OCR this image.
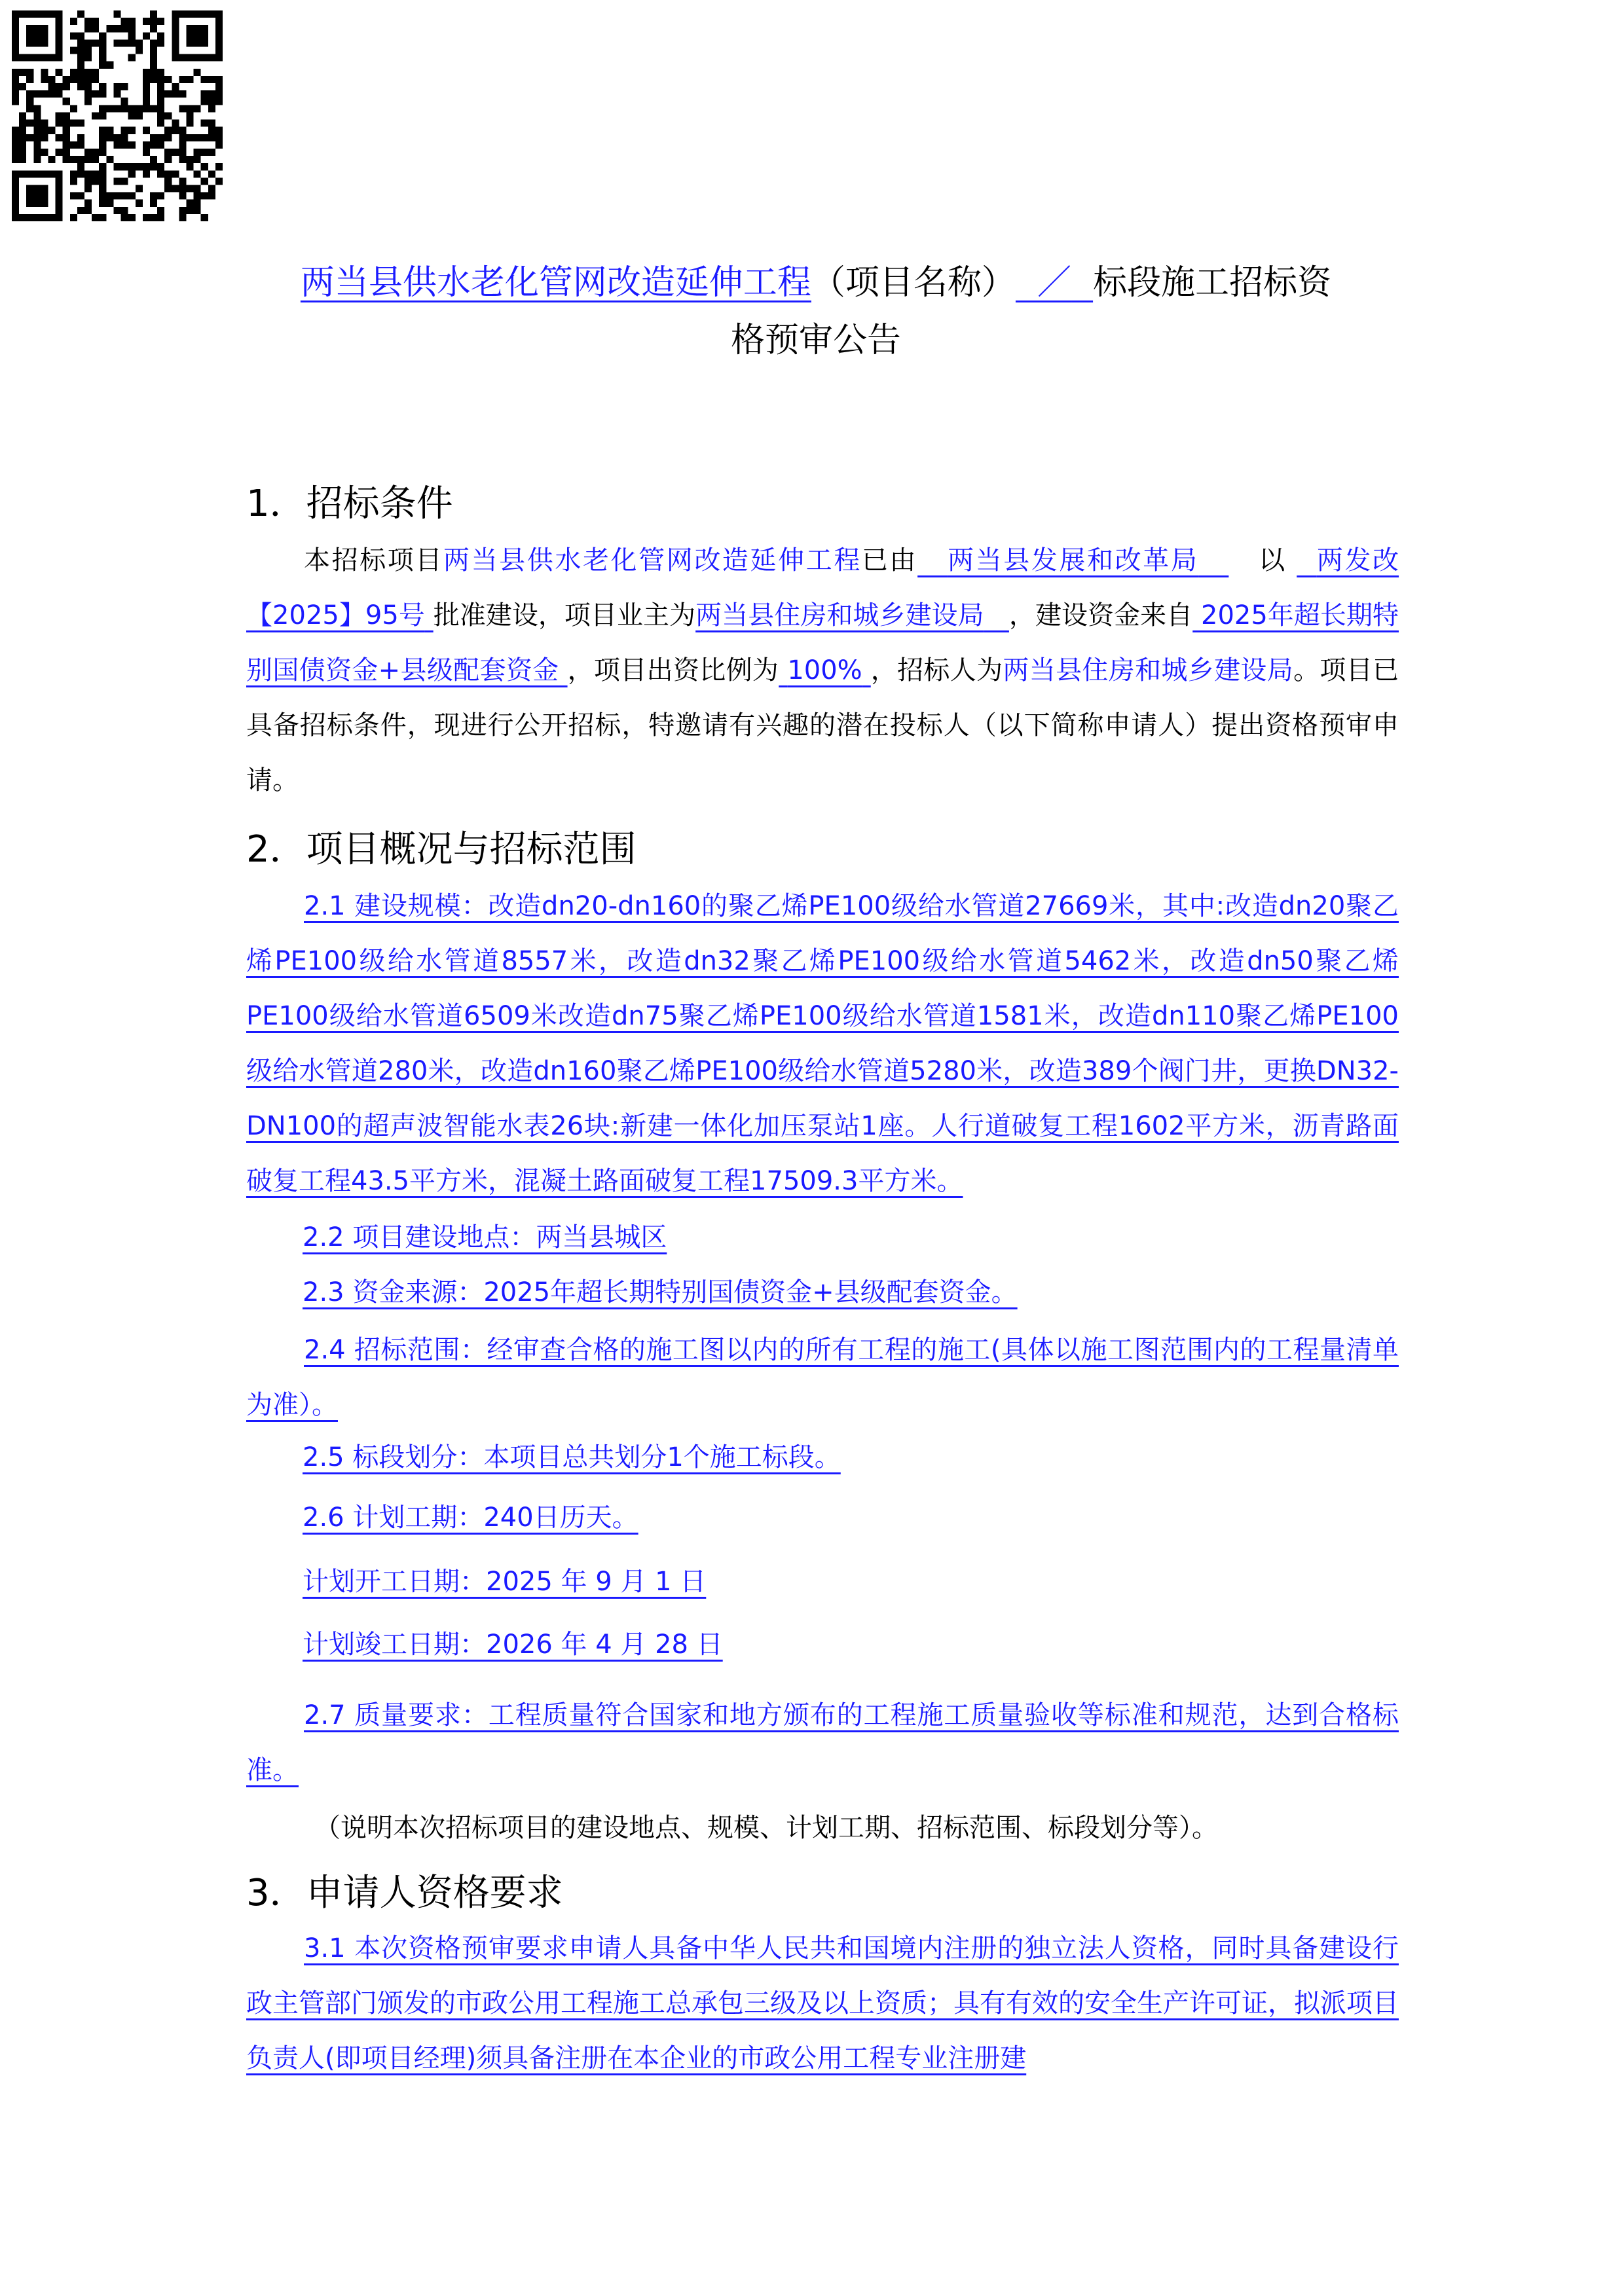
两当县供水老化管网改造延伸工程（项目名称） ／ 标段施工招标资
格预审公告
1．招标条件
本招标项目两当县供水老化管网改造延伸工程已由 两当县发展和改革局 以 两发改【2025】95号 批准建设，项目业主为两当县住房和城乡建设局 ，建设资金来自 2025年超长期特别国债资金+县级配套资金 ，项目出资比例为 100% ，招标人为两当县住房和城乡建设局。项目已具备招标条件，现进行公开招标，特邀请有兴趣的潜在投标人（以下简称申请人）提出资格预审申请。
2．项目概况与招标范围
2.1 建设规模：改造dn20-dn160的聚乙烯PE100级给水管道27669米，其中:改造dn20聚乙烯PE100级给水管道8557米，改造dn32聚乙烯PE100级给水管道5462米，改造dn50聚乙烯PE100级给水管道6509米改造dn75聚乙烯PE100级给水管道1581米，改造dn110聚乙烯PE100级给水管道280米，改造dn160聚乙烯PE100级给水管道5280米，改造389个阀门井，更换DN32-DN100的超声波智能水表26块:新建一体化加压泵站1座。人行道破复工程1602平方米，沥青路面破复工程43.5平方米，混凝土路面破复工程17509.3平方米。
2.2 项目建设地点：两当县城区
2.3 资金来源：2025年超长期特别国债资金+县级配套资金。
2.4 招标范围：经审查合格的施工图以内的所有工程的施工(具体以施工图范围内的工程量清单为准）。
2.5 标段划分：本项目总共划分1个施工标段。
2.6 计划工期：240日历天。
计划开工日期：2025 年 9 月 1 日
计划竣工日期：2026 年 4 月 28 日
2.7 质量要求：工程质量符合国家和地方颁布的工程施工质量验收等标准和规范，达到合格标准。
（说明本次招标项目的建设地点、规模、计划工期、招标范围、标段划分等）。
3．申请人资格要求
3.1 本次资格预审要求申请人具备中华人民共和国境内注册的独立法人资格，同时具备建设行政主管部门颁发的市政公用工程施工总承包三级及以上资质；具有有效的安全生产许可证，拟派项目负责人(即项目经理)须具备注册在本企业的市政公用工程专业注册建
